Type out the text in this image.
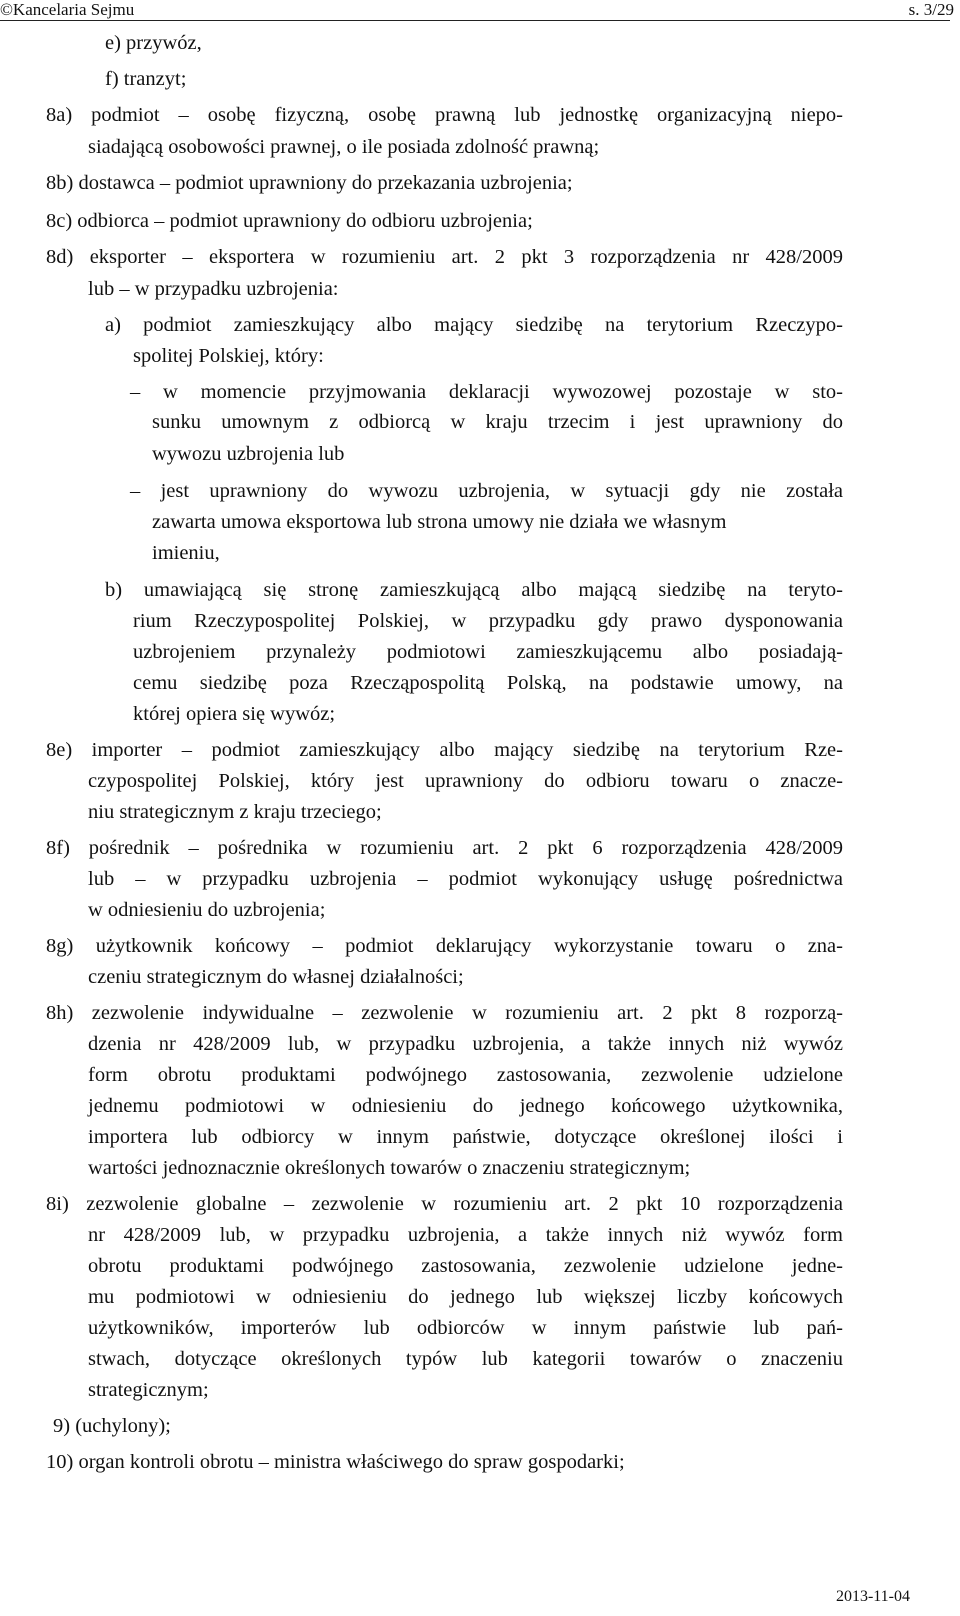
©Kancelaria Sejmu	s. 3/29
e) przywóz,
f) tranzyt;
8a) podmiot – osobę fizyczną, osobę prawną lub jednostkę organizacyjną niepo-
siadającą osobowości prawnej, o ile posiada zdolność prawną;
8b) dostawca – podmiot uprawniony do przekazania uzbrojenia;
8c) odbiorca – podmiot uprawniony do odbioru uzbrojenia;
8d) eksporter – eksportera w rozumieniu art. 2 pkt 3 rozporządzenia nr 428/2009
lub – w przypadku uzbrojenia:
a) podmiot zamieszkujący albo mający siedzibę na terytorium Rzeczypo-
spolitej Polskiej, który:
– w momencie przyjmowania deklaracji wywozowej pozostaje w sto-
sunku umownym z odbiorcą w kraju trzecim i jest uprawniony do
wywozu uzbrojenia lub
– jest uprawniony do wywozu uzbrojenia, w sytuacji gdy nie została
zawarta umowa eksportowa lub strona umowy nie działa we własnym
imieniu,
b) umawiającą się stronę zamieszkującą albo mającą siedzibę na teryto-
rium Rzeczypospolitej Polskiej, w przypadku gdy prawo dysponowania
uzbrojeniem przynależy podmiotowi zamieszkującemu albo posiadają-
cemu siedzibę poza Rzecząpospolitą Polską, na podstawie umowy, na
której opiera się wywóz;
8e) importer – podmiot zamieszkujący albo mający siedzibę na terytorium Rze-
czypospolitej Polskiej, który jest uprawniony do odbioru towaru o znacze-
niu strategicznym z kraju trzeciego;
8f) pośrednik – pośrednika w rozumieniu art. 2 pkt 6 rozporządzenia 428/2009
lub – w przypadku uzbrojenia – podmiot wykonujący usługę pośrednictwa
w odniesieniu do uzbrojenia;
8g) użytkownik końcowy – podmiot deklarujący wykorzystanie towaru o zna-
czeniu strategicznym do własnej działalności;
8h) zezwolenie indywidualne – zezwolenie w rozumieniu art. 2 pkt 8 rozporzą-
dzenia nr 428/2009 lub, w przypadku uzbrojenia, a także innych niż wywóz
form obrotu produktami podwójnego zastosowania, zezwolenie udzielone
jednemu podmiotowi w odniesieniu do jednego końcowego użytkownika,
importera lub odbiorcy w innym państwie, dotyczące określonej ilości i
wartości jednoznacznie określonych towarów o znaczeniu strategicznym;
8i) zezwolenie globalne – zezwolenie w rozumieniu art. 2 pkt 10 rozporządzenia
nr 428/2009 lub, w przypadku uzbrojenia, a także innych niż wywóz form
obrotu produktami podwójnego zastosowania, zezwolenie udzielone jedne-
mu podmiotowi w odniesieniu do jednego lub większej liczby końcowych
użytkowników, importerów lub odbiorców w innym państwie lub pań-
stwach, dotyczące określonych typów lub kategorii towarów o znaczeniu
strategicznym;
9) (uchylony);
10) organ kontroli obrotu – ministra właściwego do spraw gospodarki;
2013-11-04
